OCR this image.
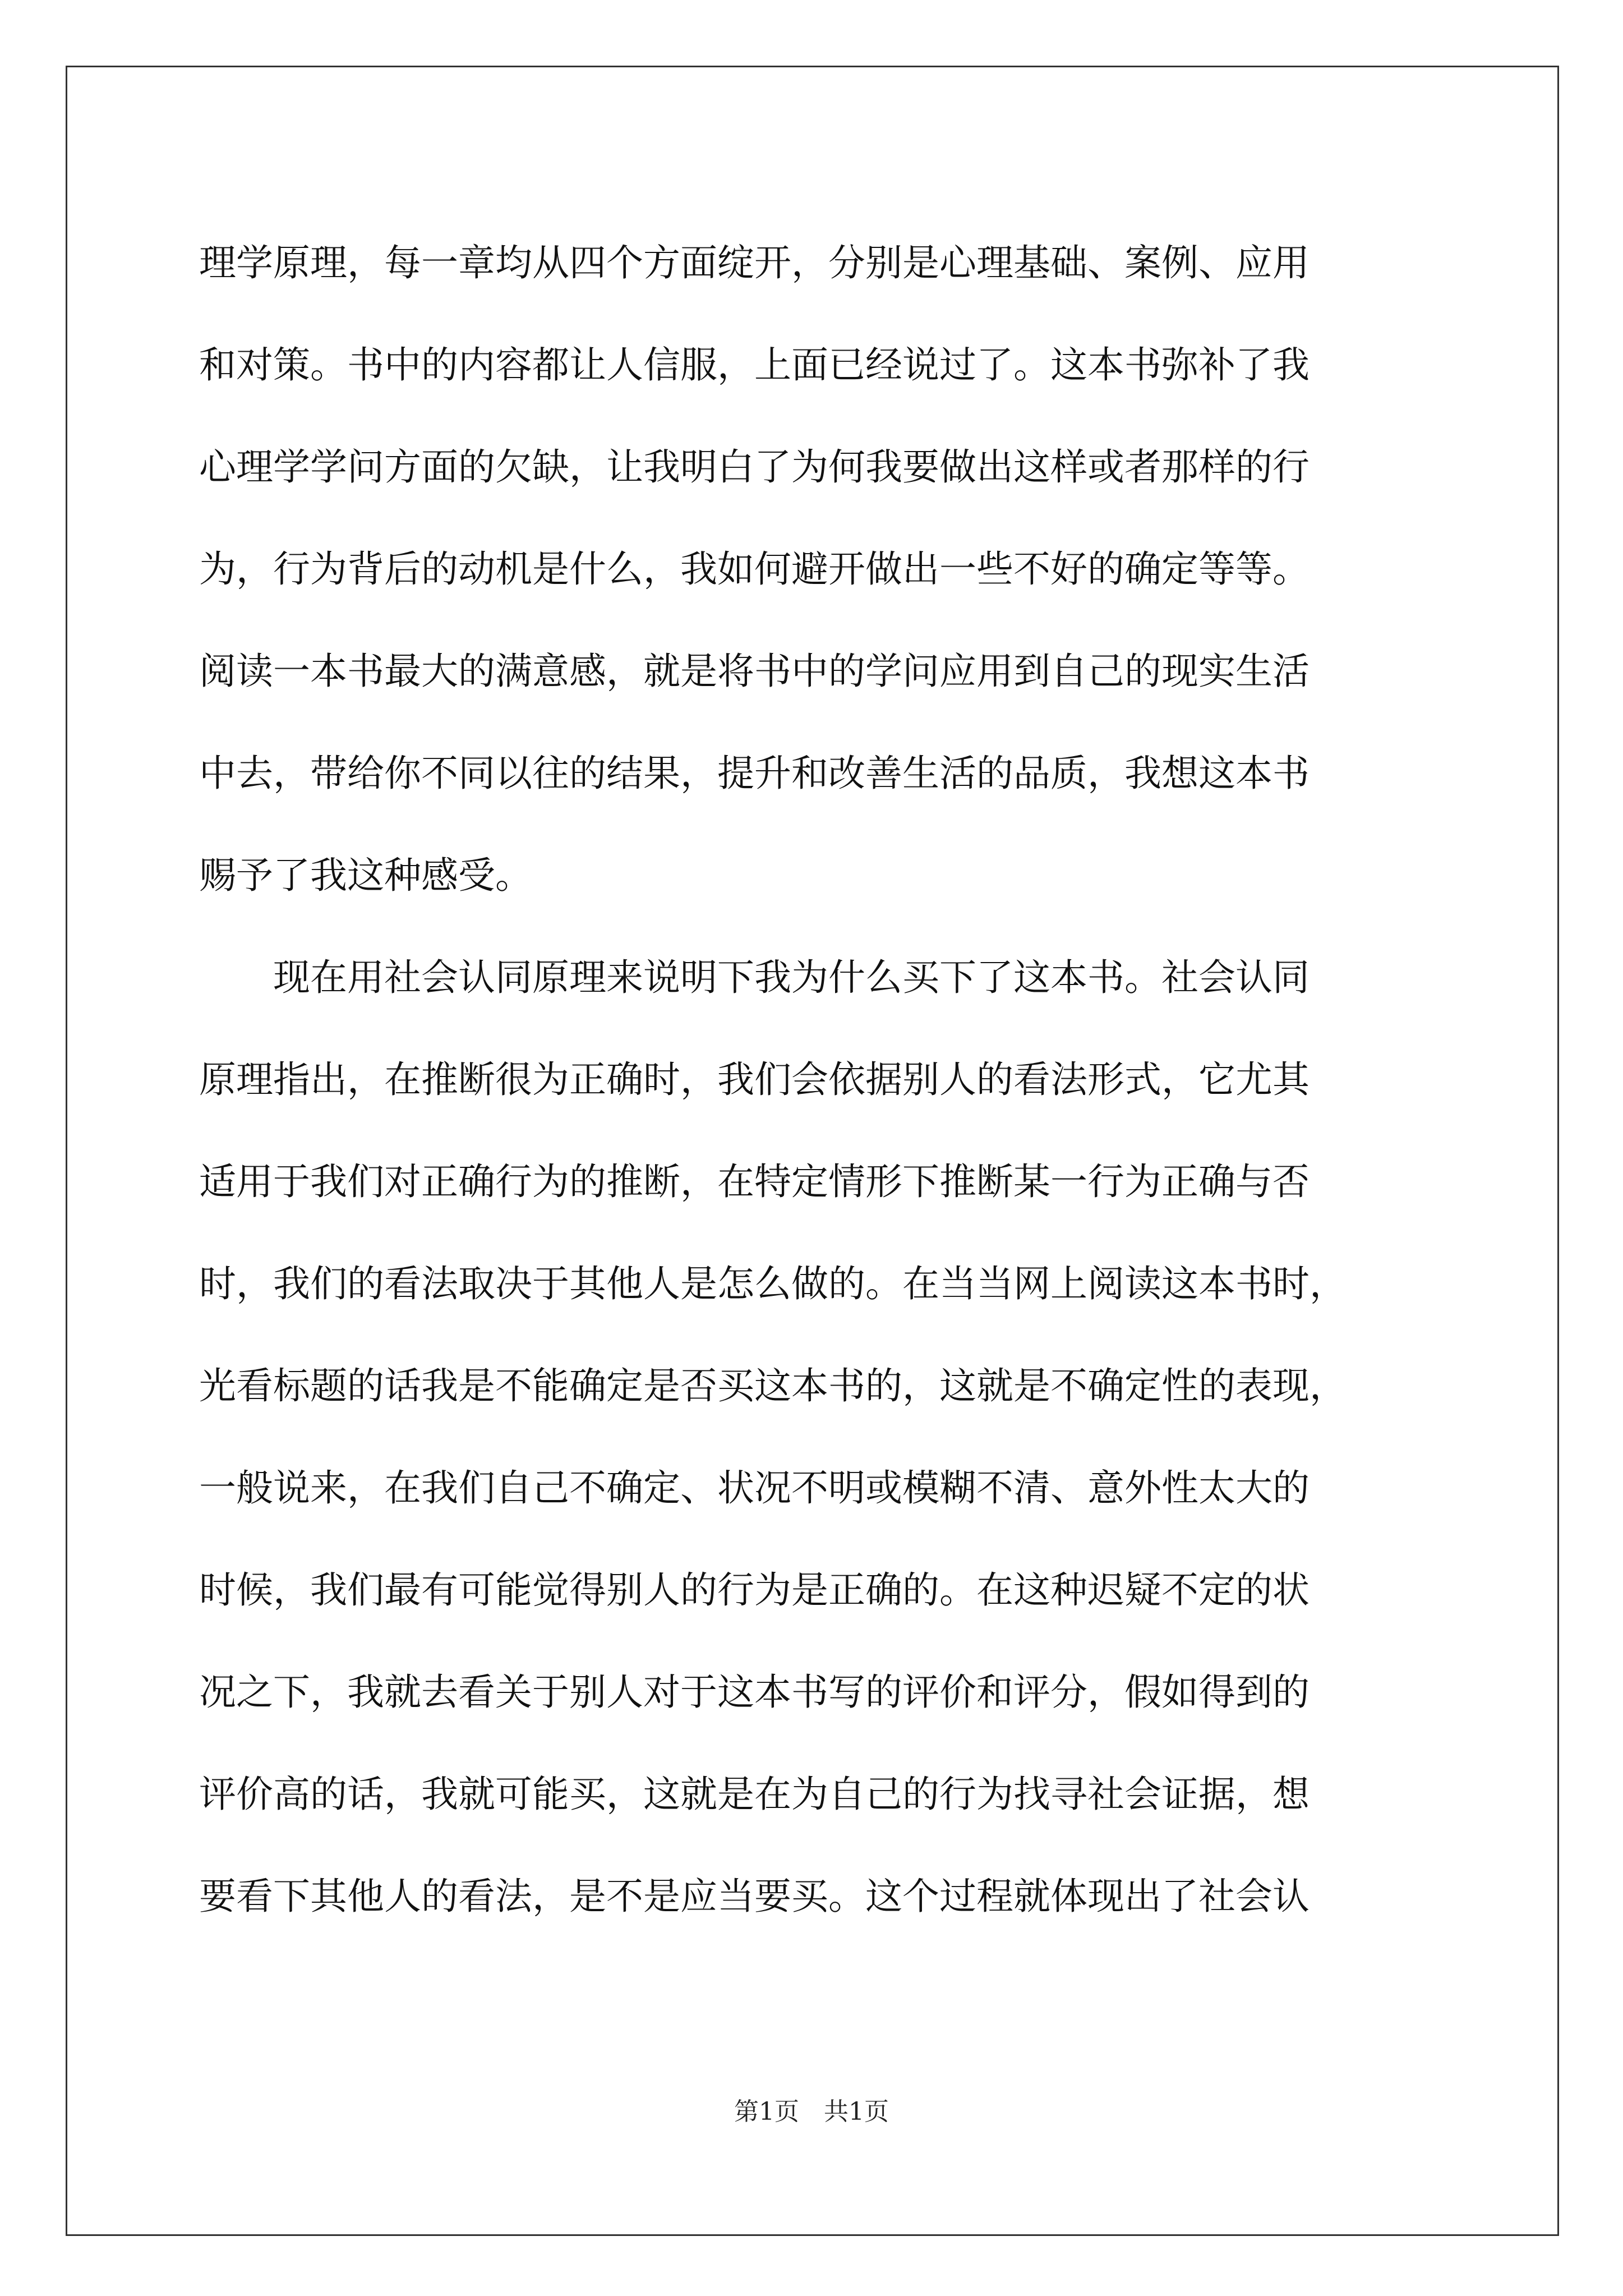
理学原理，每一章均从四个方面绽开，分别是心理基础、案例、应用
和对策。书中的内容都让人信服，上面已经说过了。这本书弥补了我
心理学学问方面的欠缺，让我明白了为何我要做出这样或者那样的行
为，行为背后的动机是什么，我如何避开做出一些不好的确定等等。
阅读一本书最大的满意感，就是将书中的学问应用到自己的现实生活
中去，带给你不同以往的结果，提升和改善生活的品质，我想这本书
赐予了我这种感受。
　　现在用社会认同原理来说明下我为什么买下了这本书。社会认同
原理指出，在推断很为正确时，我们会依据别人的看法形式，它尤其
适用于我们对正确行为的推断，在特定情形下推断某一行为正确与否
时，我们的看法取决于其他人是怎么做的。在当当网上阅读这本书时，
光看标题的话我是不能确定是否买这本书的，这就是不确定性的表现，
一般说来，在我们自己不确定、状况不明或模糊不清、意外性太大的
时候，我们最有可能觉得别人的行为是正确的。在这种迟疑不定的状
况之下，我就去看关于别人对于这本书写的评价和评分，假如得到的
评价高的话，我就可能买，这就是在为自己的行为找寻社会证据，想
要看下其他人的看法，是不是应当要买。这个过程就体现出了社会认
第1页　共1页
